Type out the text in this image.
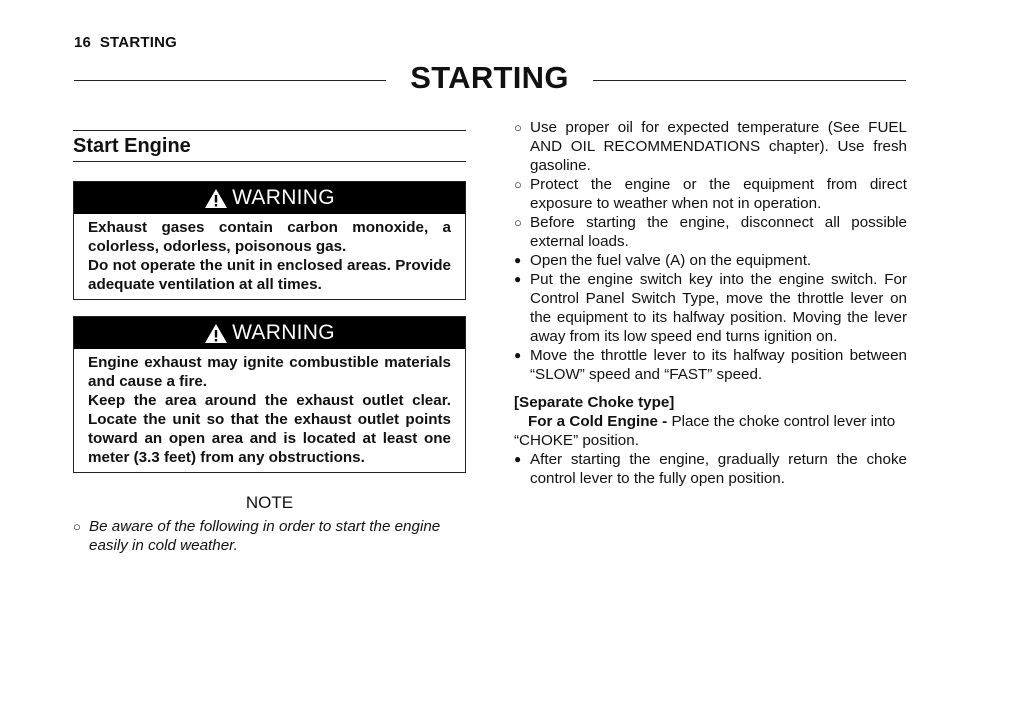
16 STARTING
STARTING
Start Engine
WARNING

Exhaust gases contain carbon monoxide, a colorless, odorless, poisonous gas.

Do not operate the unit in enclosed areas. Provide adequate ventilation at all times.

WARNING

Engine exhaust may ignite combustible materials and cause a fire.

Keep the area around the exhaust outlet clear. Locate the unit so that the exhaust outlet points toward an open area and is located at least one meter (3.3 feet) from any obstructions.

NOTE
○ Be aware of the following in order to start the engine easily in cold weather.
○ Use proper oil for expected temperature (See FUEL AND OIL RECOMMENDATIONS chapter). Use fresh gasoline.
○ Protect the engine or the equipment from direct exposure to weather when not in operation.
○ Before starting the engine, disconnect all possible external loads.
● Open the fuel valve (A) on the equipment.
● Put the engine switch key into the engine switch. For Control Panel Switch Type, move the throttle lever on the equipment to its halfway position. Moving the lever away from its low speed end turns ignition on.
● Move the throttle lever to its halfway position between “SLOW” speed and “FAST” speed.
[Separate Choke type]
For a Cold Engine - Place the choke control lever into “CHOKE” position.
● After starting the engine, gradually return the choke control lever to the fully open position.
